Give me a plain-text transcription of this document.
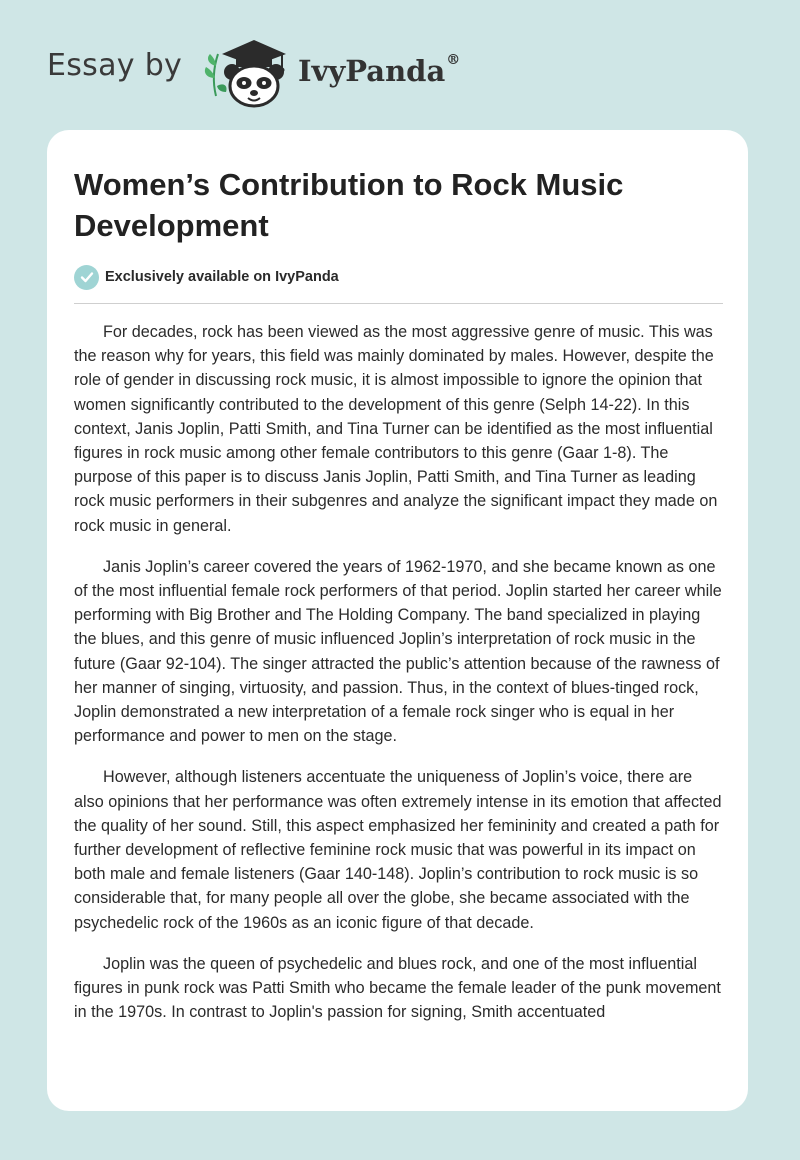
Essay by	IvyPanda®
Women’s Contribution to Rock Music Development
Exclusively available on IvyPanda

For decades, rock has been viewed as the most aggressive genre of music. This was the reason why for years, this field was mainly dominated by males. However, despite the role of gender in discussing rock music, it is almost impossible to ignore the opinion that women significantly contributed to the development of this genre (Selph 14-22). In this context, Janis Joplin, Patti Smith, and Tina Turner can be identified as the most influential figures in rock music among other female contributors to this genre (Gaar 1-8). The purpose of this paper is to discuss Janis Joplin, Patti Smith, and Tina Turner as leading rock music performers in their subgenres and analyze the significant impact they made on rock music in general.

Janis Joplin’s career covered the years of 1962-1970, and she became known as one of the most influential female rock performers of that period. Joplin started her career while performing with Big Brother and The Holding Company. The band specialized in playing the blues, and this genre of music influenced Joplin’s interpretation of rock music in the future (Gaar 92-104). The singer attracted the public’s attention because of the rawness of her manner of singing, virtuosity, and passion. Thus, in the context of blues-tinged rock, Joplin demonstrated a new interpretation of a female rock singer who is equal in her performance and power to men on the stage.

However, although listeners accentuate the uniqueness of Joplin’s voice, there are also opinions that her performance was often extremely intense in its emotion that affected the quality of her sound. Still, this aspect emphasized her femininity and created a path for further development of reflective feminine rock music that was powerful in its impact on both male and female listeners (Gaar 140-148). Joplin’s contribution to rock music is so considerable that, for many people all over the globe, she became associated with the psychedelic rock of the 1960s as an iconic figure of that decade.

Joplin was the queen of psychedelic and blues rock, and one of the most influential figures in punk rock was Patti Smith who became the female leader of the punk movement in the 1970s. In contrast to Joplin's passion for signing, Smith accentuated
